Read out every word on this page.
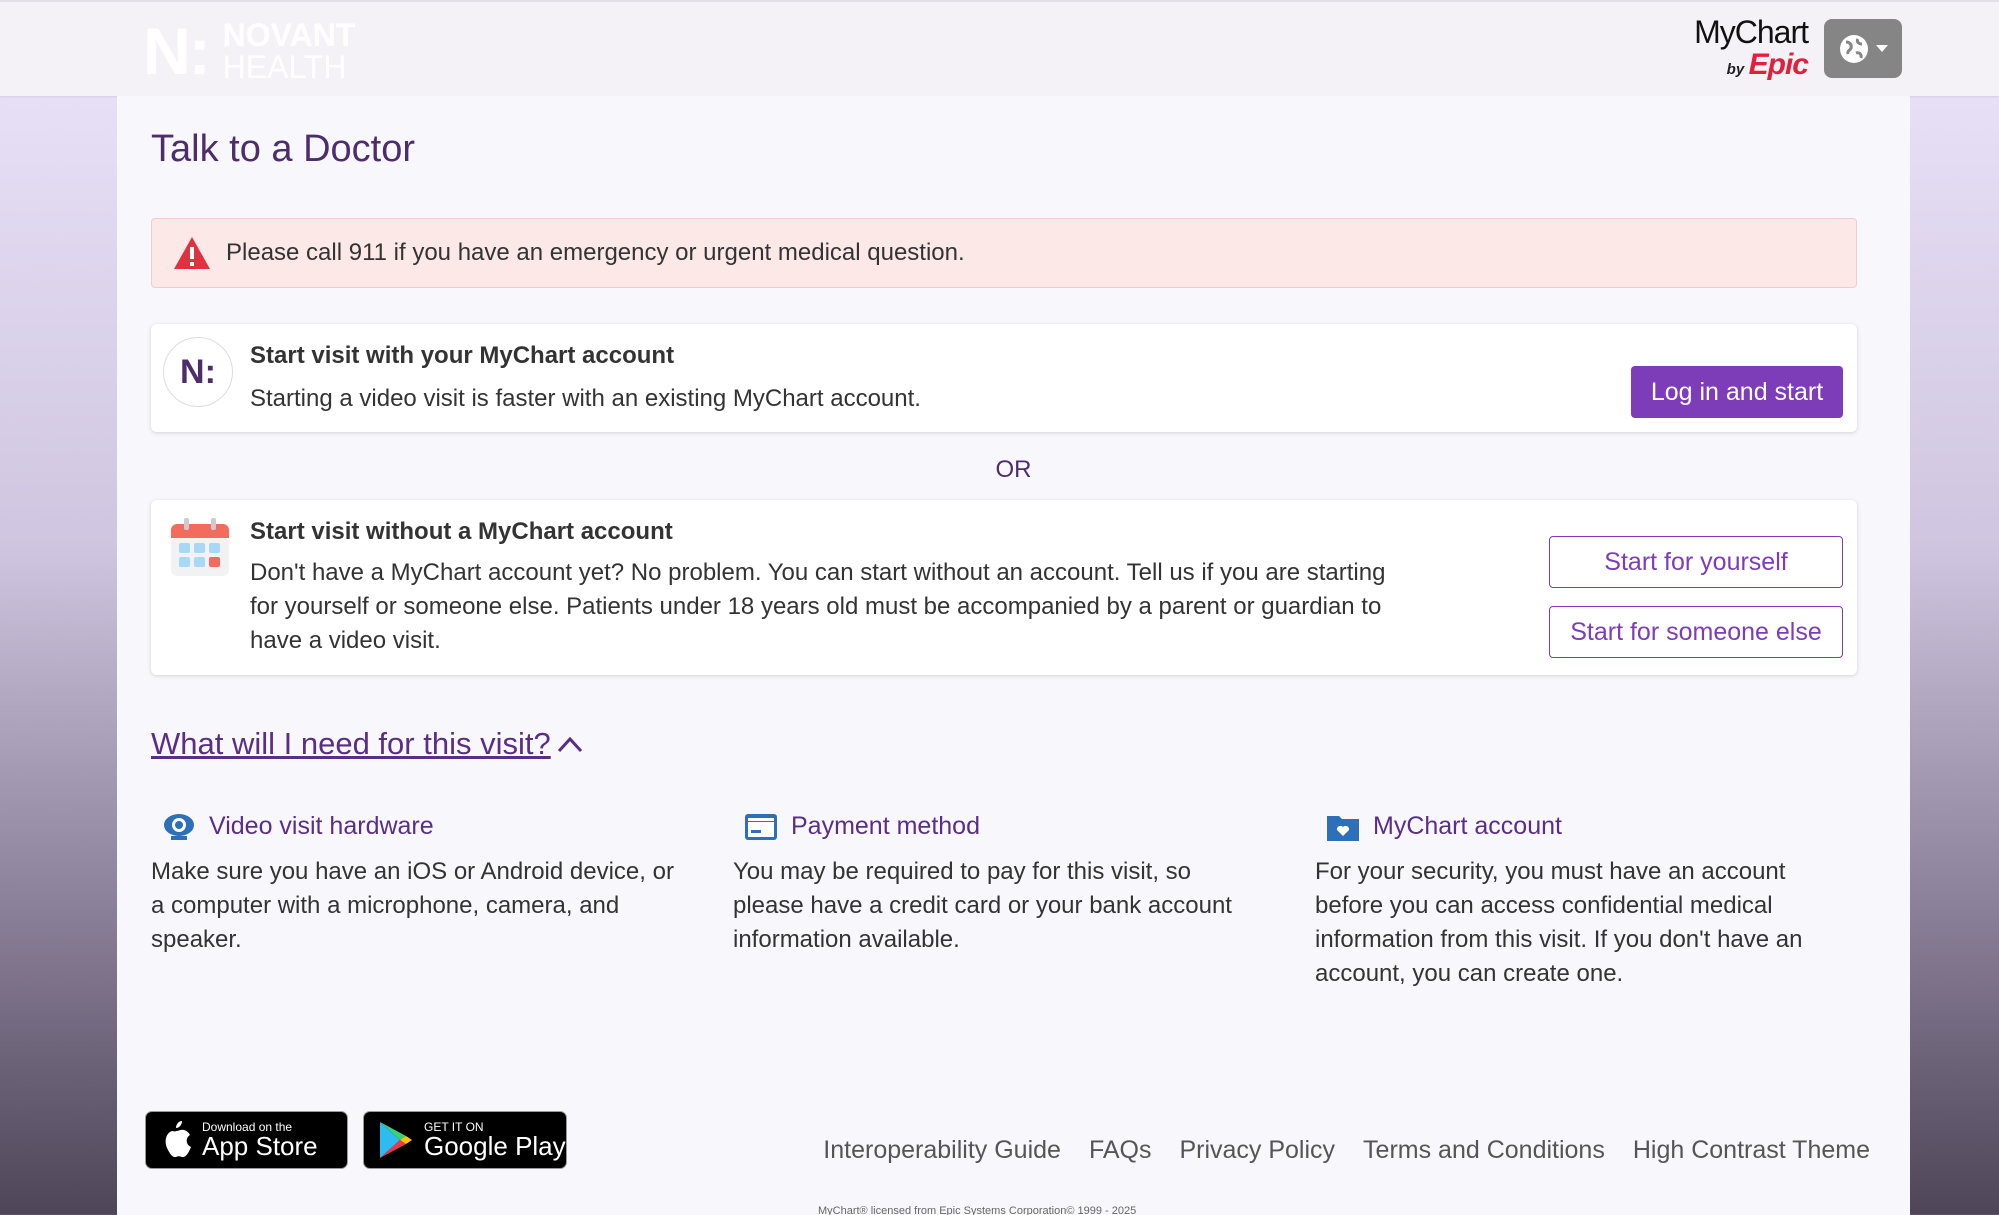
N: NOVANT
HEALTH
MyChart
by Epic
Talk to a Doctor
Please call 911 if you have an emergency or urgent medical question.
N:	Start visit with your MyChart account
Starting a video visit is faster with an existing MyChart account.	Log in and start
OR
Start visit without a MyChart account
Don't have a MyChart account yet? No problem. You can start without an account. Tell us if you are starting for yourself or someone else. Patients under 18 years old must be accompanied by a parent or guardian to have a video visit.
Start for yourself
Start for someone else
What will I need for this visit?
Video visit hardware
Make sure you have an iOS or Android device, or a computer with a microphone, camera, and speaker.
Payment method
You may be required to pay for this visit, so please have a credit card or your bank account information available.
MyChart account
For your security, you must have an account before you can access confidential medical information from this visit. If you don't have an account, you can create one.
Download on the
App Store
GET IT ON
Google Play	Interoperability Guide FAQs Privacy Policy Terms and Conditions High Contrast Theme
MyChart® licensed from Epic Systems Corporation© 1999 - 2025
